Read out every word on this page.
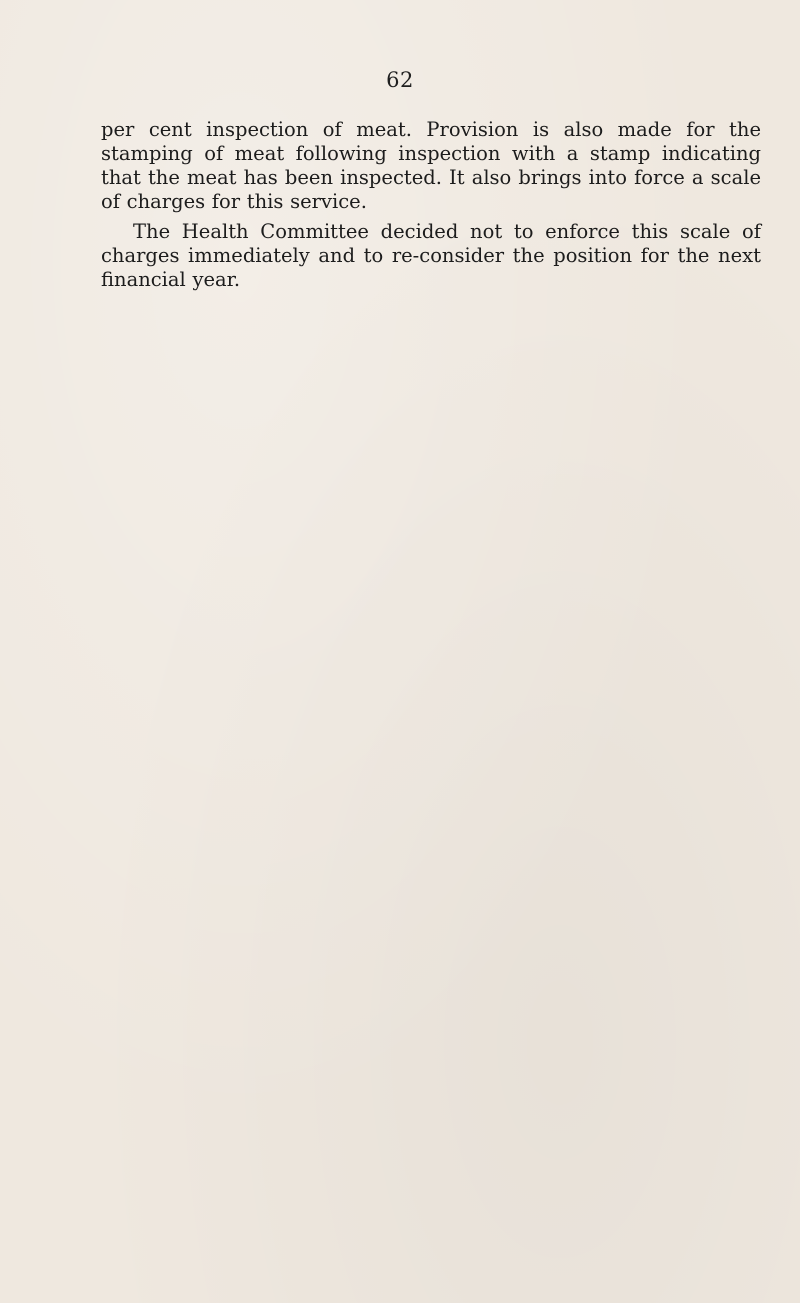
62

per cent inspection of meat. Provision is also made for the stamping of meat following inspection with a stamp indicating that the meat has been inspected. It also brings into force a scale of charges for this service.

The Health Committee decided not to enforce this scale of charges immediately and to re-consider the position for the next financial year.
